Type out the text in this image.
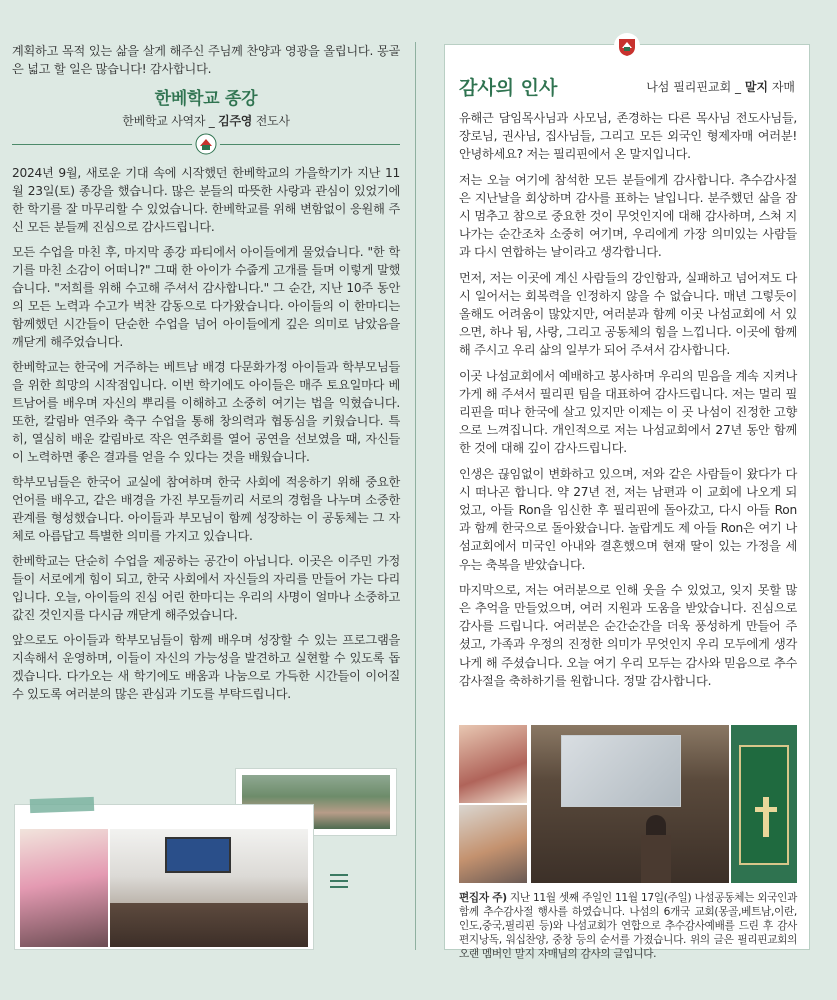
계획하고 목적 있는 삶을 살게 해주신 주님께 찬양과 영광을 올립니다. 몽골은 넓고 할 일은 많습니다! 감사합니다.

한베학교 종강
한베학교 사역자 _ 김주영 전도사

2024년 9월, 새로운 기대 속에 시작했던 한베학교의 가을학기가 지난 11월 23일(토) 종강을 했습니다. 많은 분들의 따뜻한 사랑과 관심이 있었기에 한 학기를 잘 마무리할 수 있었습니다. 한베학교를 위해 변함없이 응원해 주신 모든 분들께 진심으로 감사드립니다.

모든 수업을 마친 후, 마지막 종강 파티에서 아이들에게 물었습니다. "한 학기를 마친 소감이 어떠니?" 그때 한 아이가 수줍게 고개를 들며 이렇게 말했습니다. "저희를 위해 수고해 주셔서 감사합니다." 그 순간, 지난 10주 동안의 모든 노력과 수고가 벅찬 감동으로 다가왔습니다. 아이들의 이 한마디는 함께했던 시간들이 단순한 수업을 넘어 아이들에게 깊은 의미로 남았음을 깨닫게 해주었습니다.

한베학교는 한국에 거주하는 베트남 배경 다문화가정 아이들과 학부모님들을 위한 희망의 시작점입니다. 이번 학기에도 아이들은 매주 토요일마다 베트남어를 배우며 자신의 뿌리를 이해하고 소중히 여기는 법을 익혔습니다. 또한, 칼림바 연주와 축구 수업을 통해 창의력과 협동심을 키웠습니다. 특히, 열심히 배운 칼림바로 작은 연주회를 열어 공연을 선보였을 때, 자신들이 노력하면 좋은 결과를 얻을 수 있다는 것을 배웠습니다.

학부모님들은 한국어 교실에 참여하며 한국 사회에 적응하기 위해 중요한 언어를 배우고, 같은 배경을 가진 부모들끼리 서로의 경험을 나누며 소중한 관계를 형성했습니다. 아이들과 부모님이 함께 성장하는 이 공동체는 그 자체로 아름답고 특별한 의미를 가지고 있습니다.

한베학교는 단순히 수업을 제공하는 공간이 아닙니다. 이곳은 이주민 가정들이 서로에게 힘이 되고, 한국 사회에서 자신들의 자리를 만들어 가는 다리입니다. 오늘, 아이들의 진심 어린 한마디는 우리의 사명이 얼마나 소중하고 값진 것인지를 다시금 깨닫게 해주었습니다.

앞으로도 아이들과 학부모님들이 함께 배우며 성장할 수 있는 프로그램을 지속해서 운영하며, 이들이 자신의 가능성을 발견하고 실현할 수 있도록 돕겠습니다. 다가오는 새 학기에도 배움과 나눔으로 가득한 시간들이 이어질 수 있도록 여러분의 많은 관심과 기도를 부탁드립니다.

감사의 인사	나섬 필리핀교회 _ 말지 자매

유해근 담임목사님과 사모님, 존경하는 다른 목사님 전도사님들, 장로님, 권사님, 집사님들, 그리고 모든 외국인 형제자매 여러분! 안녕하세요? 저는 필리핀에서 온 말지입니다.

저는 오늘 여기에 참석한 모든 분들에게 감사합니다. 추수감사절은 지난날을 회상하며 감사를 표하는 날입니다. 분주했던 삶을 잠시 멈추고 참으로 중요한 것이 무엇인지에 대해 감사하며, 스쳐 지나가는 순간조차 소중히 여기며, 우리에게 가장 의미있는 사람들과 다시 연합하는 날이라고 생각합니다.

먼저, 저는 이곳에 계신 사람들의 강인함과, 실패하고 넘어져도 다시 일어서는 회복력을 인정하지 않을 수 없습니다. 매년 그렇듯이 올해도 어려움이 많았지만, 여러분과 함께 이곳 나섬교회에 서 있으면, 하나 됨, 사랑, 그리고 공동체의 힘을 느낍니다. 이곳에 함께해 주시고 우리 삶의 일부가 되어 주셔서 감사합니다.

이곳 나섬교회에서 예배하고 봉사하며 우리의 믿음을 계속 지켜나가게 해 주셔서 필리핀 팀을 대표하여 감사드립니다. 저는 멀리 필리핀을 떠나 한국에 살고 있지만 이제는 이 곳 나섬이 진정한 고향으로 느껴집니다. 개인적으로 저는 나섬교회에서 27년 동안 함께 한 것에 대해 깊이 감사드립니다.

인생은 끊임없이 변화하고 있으며, 저와 같은 사람들이 왔다가 다시 떠나곤 합니다. 약 27년 전, 저는 남편과 이 교회에 나오게 되었고, 아들 Ron을 임신한 후 필리핀에 돌아갔고, 다시 아들 Ron과 함께 한국으로 돌아왔습니다. 놀랍게도 제 아들 Ron은 여기 나섬교회에서 미국인 아내와 결혼했으며 현재 딸이 있는 가정을 세우는 축복을 받았습니다.

마지막으로, 저는 여러분으로 인해 웃을 수 있었고, 잊지 못할 많은 추억을 만들었으며, 여러 지원과 도움을 받았습니다. 진심으로 감사를 드립니다. 여러분은 순간순간을 더욱 풍성하게 만들어 주셨고, 가족과 우정의 진정한 의미가 무엇인지 우리 모두에게 생각나게 해 주셨습니다. 오늘 여기 우리 모두는 감사와 믿음으로 추수감사절을 축하하기를 원합니다. 정말 감사합니다.

편집자 주) 지난 11월 셋째 주일인 11월 17일(주일) 나섬공동체는 외국인과 함께 추수감사절 행사를 하였습니다. 나섬의 6개국 교회(몽골,베트남,이란,인도,중국,필리핀 등)와 나섬교회가 연합으로 추수감사예배를 드린 후 감사편지낭독, 워십찬양, 중창 등의 순서를 가졌습니다. 위의 글은 필리핀교회의 오랜 멤버인 말지 자매님의 감사의 글입니다.
